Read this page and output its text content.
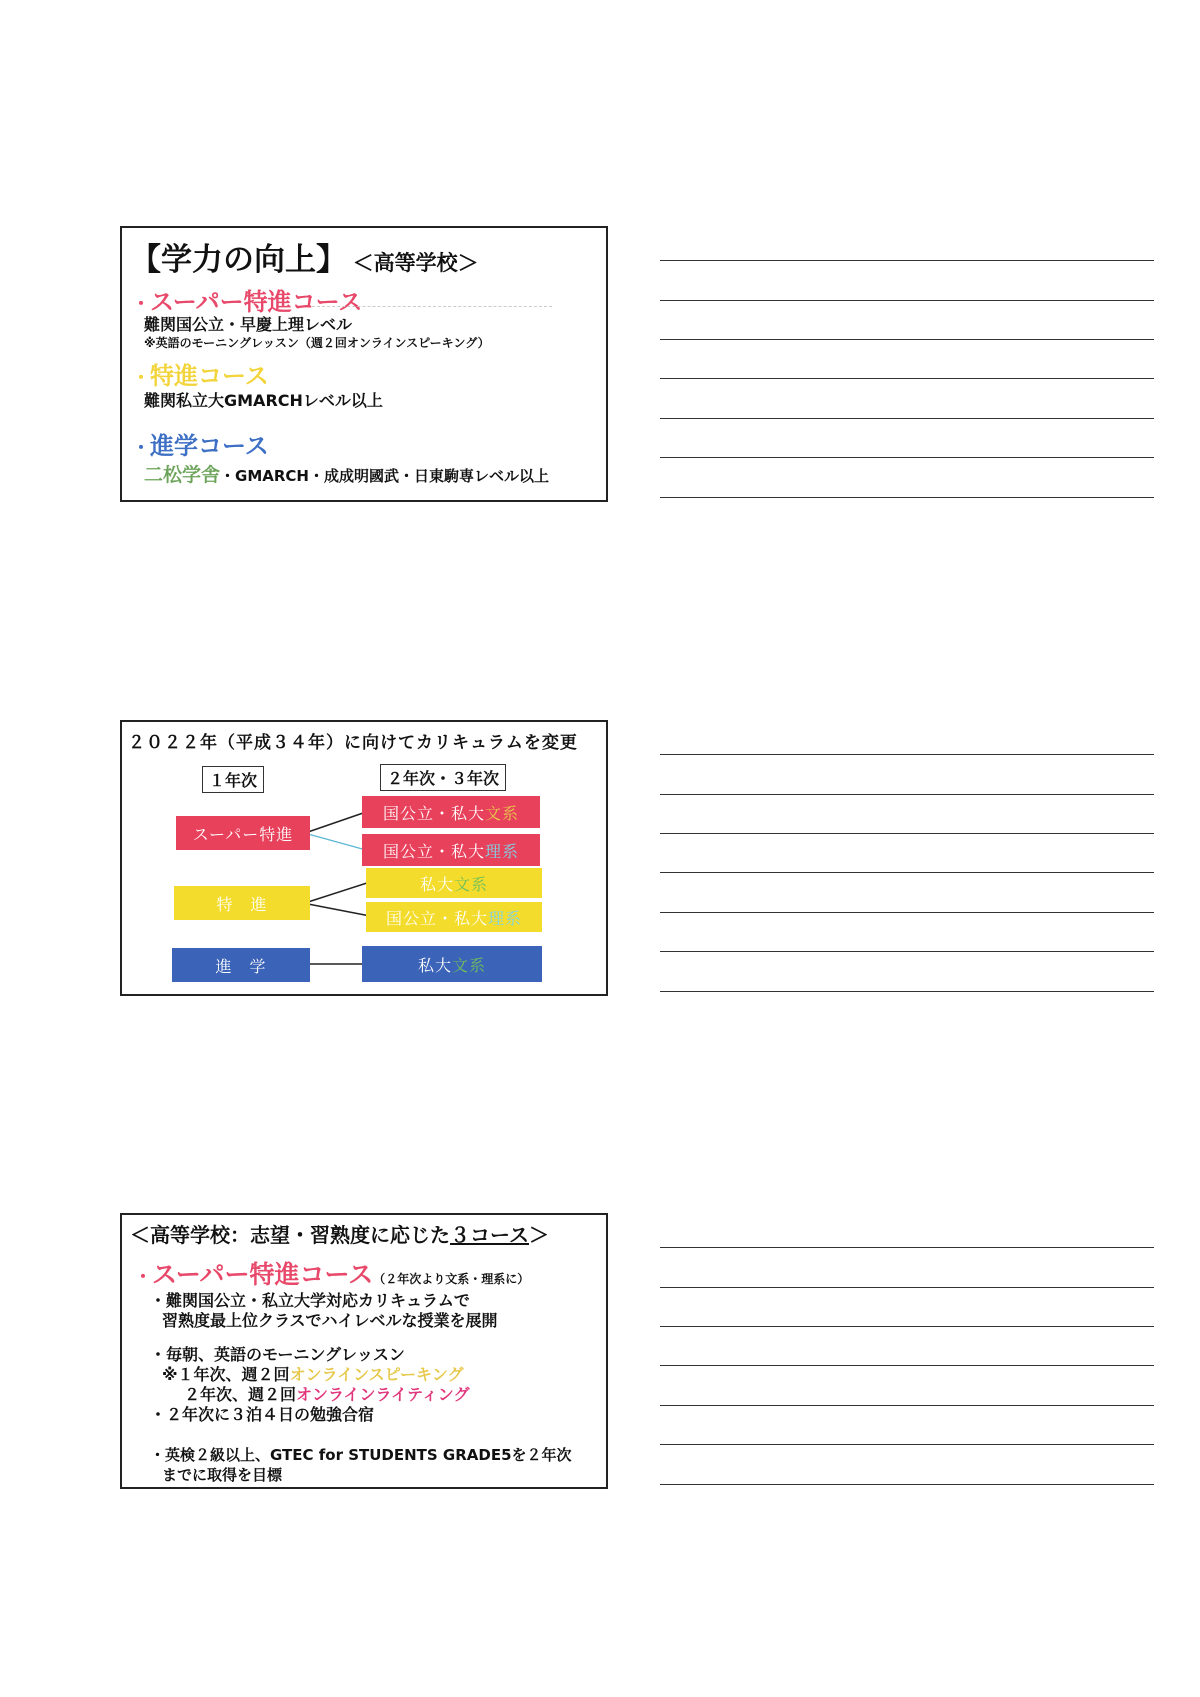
【学力の向上】 ＜高等学校＞
・スーパー特進コース
難関国公立・早慶上理レベル
※英語のモーニングレッスン（週２回オンラインスピーキング）
・特進コース
難関私立大GMARCHレベル以上
・進学コース
二松学舎・GMARCH・成成明國武・日東駒専レベル以上
２０２２年（平成３４年）に向けてカリキュラムを変更
１年次	２年次・３年次
スーパー特進
特　進
進　学
国公立・私大 文系
国公立・私大 理系
私大 文系
国公立・私大 理系
私大 文系
＜高等学校：志望・習熟度に応じた３コース＞
・スーパー特進コース（２年次より文系・理系に）
・難関国公立・私立大学対応カリキュラムで
習熟度最上位クラスでハイレベルな授業を展開
・毎朝、英語のモーニングレッスン
※１年次、週２回オンラインスピーキング
２年次、週２回オンラインライティング
・２年次に３泊４日の勉強合宿
・英検２級以上、GTEC for STUDENTS GRADE5を２年次
までに取得を目標
